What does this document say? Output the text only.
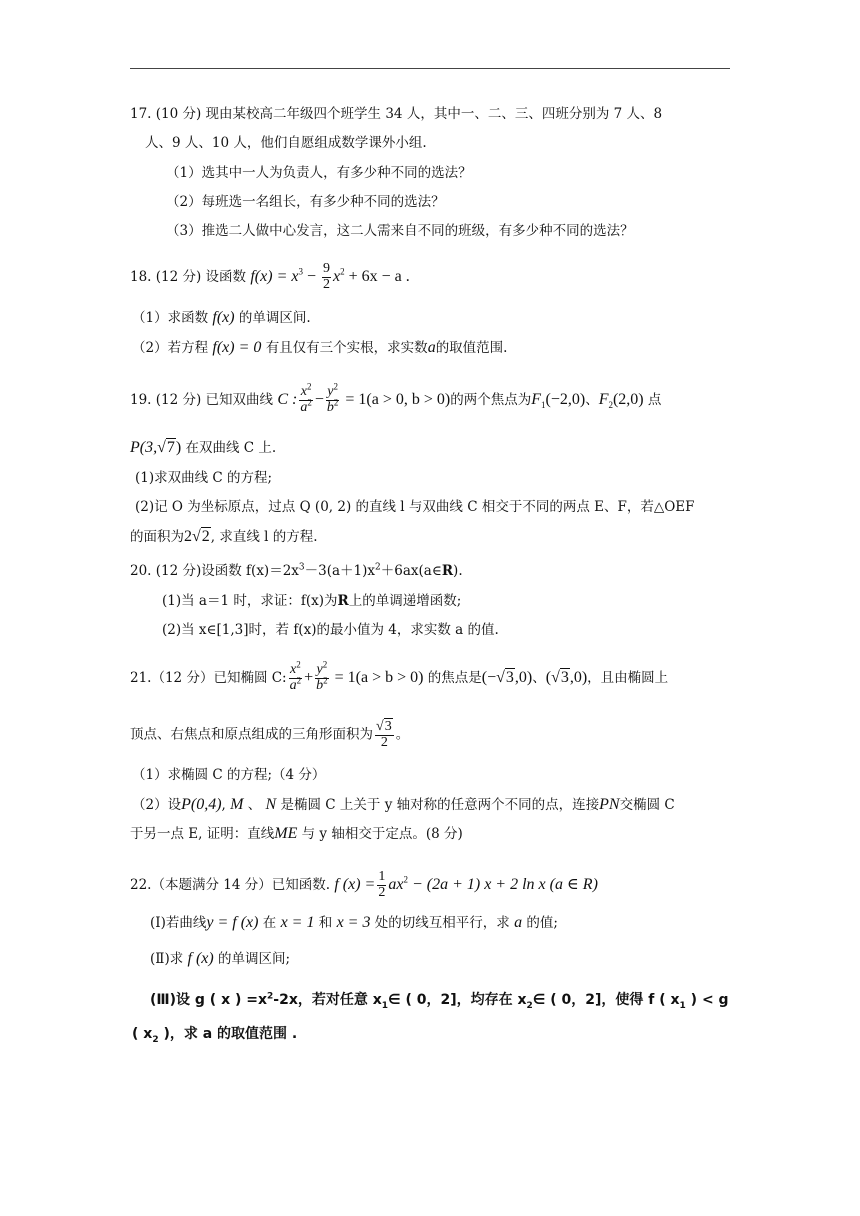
17. (10 分) 现由某校高二年级四个班学生 34 人，其中一、二、三、四班分别为 7 人、8
人、9 人、10 人，他们自愿组成数学课外小组.
（1）选其中一人为负责人，有多少种不同的选法？
（2）每班选一名组长，有多少种不同的选法？
（3）推选二人做中心发言，这二人需来自不同的班级，有多少种不同的选法？
18. (12 分) 设函数 $f(x) = x^3 - \frac{9}{2} x^2 + 6x - a$ .
（1）求函数 f(x) 的单调区间.
（2）若方程 f(x) = 0 有且仅有三个实根，求实数a的取值范围.
19. (12 分) 已知双曲线 C : $\frac{x^2}{a^2} - \frac{y^2}{b^2} = 1(a > 0$, b > 0)的两个焦点为$F_1(-2,0)$、$F_2(2,0)$ 点
P(3,√7) 在双曲线 C 上.
(1)求双曲线 C 的方程;
(2)记 O 为坐标原点，过点 Q (0, 2) 的直线 l 与双曲线 C 相交于不同的两点 E、F，若△OEF
的面积为2√2, 求直线 l 的方程.
20. (12 分)设函数 $f(x)=2x^3-3(a+1)x^2+6ax(a\in R)$.
(1)当 a＝1 时，求证：f(x)为R上的单调递增函数;
(2)当 x∈[1,3]时，若 f(x)的最小值为 4，求实数 a 的值.
21.（12 分）已知椭圆 C: $\frac{x^2}{a^2} + \frac{y^2}{b^2} = 1(a > b > 0)$ 的焦点是(−√3,0)、(√3,0)，且由椭圆上
顶点、右焦点和原点组成的三角形面积为 $\frac{√3}{2}$ 。
（1）求椭圆 C 的方程;（4 分）
（2）设P(0,4), M 、 N 是椭圆 C 上关于 y 轴对称的任意两个不同的点，连接PN交椭圆 C
于另一点 E, 证明：直线ME 与 y 轴相交于定点。(8 分)
22.（本题满分 14 分）已知函数. f $(x) = \frac{1}{2} ax^2 - (2a + 1) x + 2$ ln x (a ∈ R)
(Ⅰ)若曲线y = f (x) 在 x = 1 和 x = 3 处的切线互相平行，求 a 的值;
(Ⅱ)求 f (x) 的单调区间;
(Ⅲ)设 g ( x ) $=x^2-2x$，若对任意 $x_1\in$ ( 0，2]，均存在 $x_2\in$ ( 0，2]，使得 f ( $x_1$ ) < g
( $x_2$ )，求 a 的取值范围 .
